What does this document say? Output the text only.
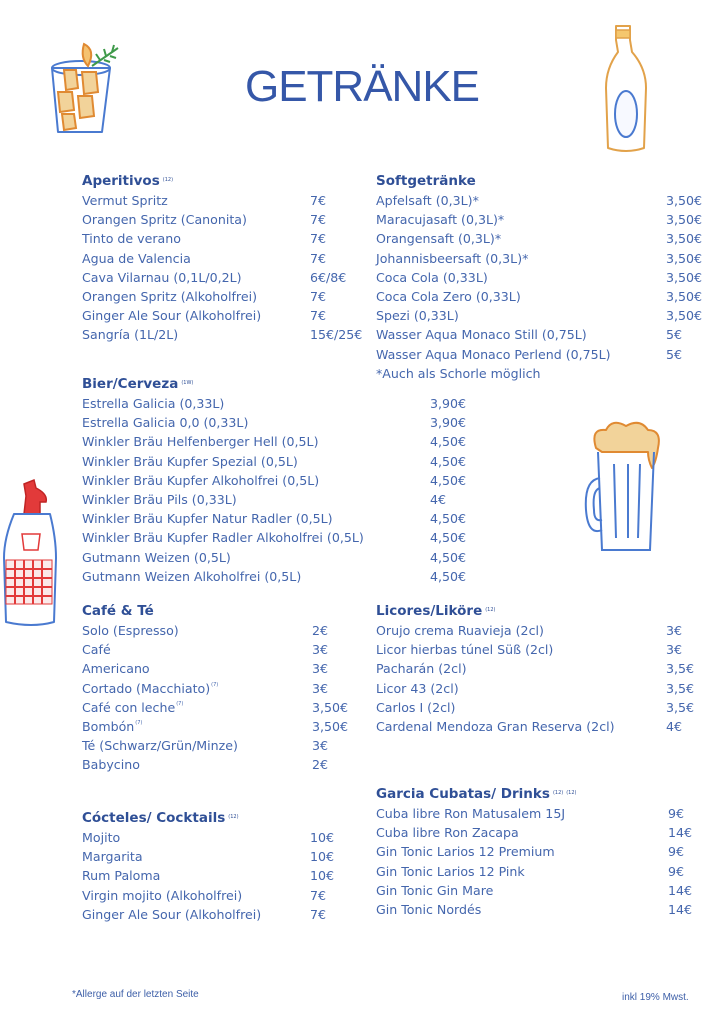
GETRÄNKE
Aperitivos $^{(12)}$
Vermut Spritz	7€
Orangen Spritz (Canonita)	7€
Tinto de verano	7€
Agua de Valencia	7€
Cava Vilarnau (0,1L/0,2L)	6€/8€
Orangen Spritz (Alkoholfrei)	7€
Ginger Ale Sour (Alkoholfrei)	7€
Sangría (1L/2L)	15€/25€
Softgetränke
Apfelsaft (0,3L)*	3,50€
Maracujasaft (0,3L)*	3,50€
Orangensaft (0,3L)*	3,50€
Johannisbeersaft (0,3L)*	3,50€
Coca Cola (0,33L)	3,50€
Coca Cola Zero (0,33L)	3,50€
Spezi (0,33L)	3,50€
Wasser Aqua Monaco Still (0,75L)	5€
Wasser Aqua Monaco Perlend (0,75L)	5€
*Auch als Schorle möglich
Bier/Cerveza $^{(1W)}$
Estrella Galicia (0,33L)	3,90€
Estrella Galicia 0,0 (0,33L)	3,90€
Winkler Bräu Helfenberger Hell (0,5L)	4,50€
Winkler Bräu Kupfer Spezial (0,5L)	4,50€
Winkler Bräu Kupfer Alkoholfrei (0,5L)	4,50€
Winkler Bräu Pils (0,33L)	4€
Winkler Bräu Kupfer Natur Radler (0,5L)	4,50€
Winkler Bräu Kupfer Radler Alkoholfrei (0,5L)	4,50€
Gutmann Weizen (0,5L)	4,50€
Gutmann Weizen Alkoholfrei (0,5L)	4,50€
Café & Té
Solo (Espresso)	2€
Café	3€
Americano	3€
Cortado (Macchiato)$^{(7)}$	3€
Café con leche$^{(7)}$	3,50€
Bombón$^{(7)}$	3,50€
Té (Schwarz/Grün/Minze)	3€
Babycino	2€
Licores/Liköre $^{(12)}$
Orujo crema Ruavieja (2cl)	3€
Licor hierbas túnel Süß (2cl)	3€
Pacharán (2cl)	3,5€
Licor 43 (2cl)	3,5€
Carlos I (2cl)	3,5€
Cardenal Mendoza Gran Reserva (2cl)	4€
Cócteles/ Cocktails $^{(12)}$
Mojito	10€
Margarita	10€
Rum Paloma	10€
Virgin mojito (Alkoholfrei)	7€
Ginger Ale Sour (Alkoholfrei)	7€
Garcia Cubatas/ Drinks $^{(12)}$ $^{(12)}$
Cuba libre Ron Matusalem 15J	9€
Cuba libre Ron Zacapa	14€
Gin Tonic Larios 12 Premium	9€
Gin Tonic Larios 12 Pink	9€
Gin Tonic Gin Mare	14€
Gin Tonic Nordés	14€
*Allerge auf der letzten Seite	inkl 19% Mwst.
